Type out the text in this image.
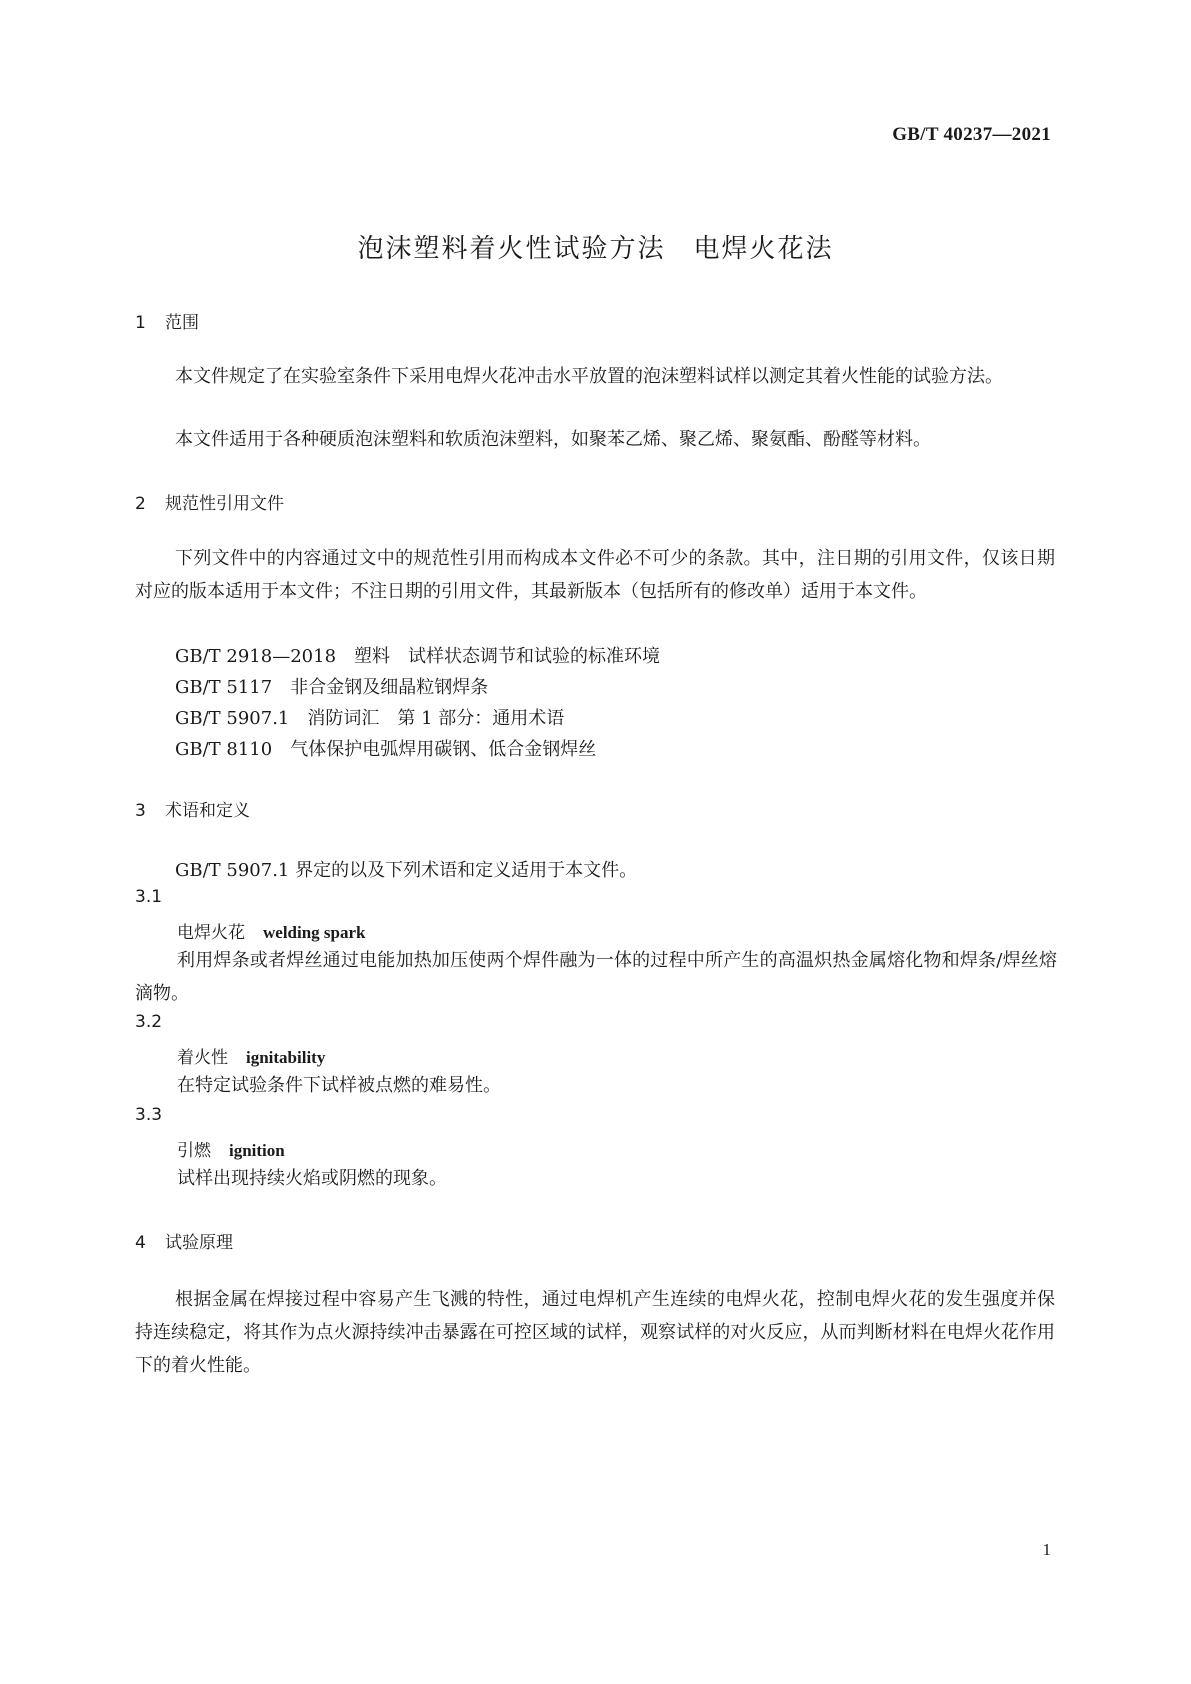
GB/T 40237—2021
泡沫塑料着火性试验方法　电焊火花法
1 范围
本文件规定了在实验室条件下采用电焊火花冲击水平放置的泡沫塑料试样以测定其着火性能的试验方法。
本文件适用于各种硬质泡沫塑料和软质泡沫塑料，如聚苯乙烯、聚乙烯、聚氨酯、酚醛等材料。
2 规范性引用文件
下列文件中的内容通过文中的规范性引用而构成本文件必不可少的条款。其中，注日期的引用文件，仅该日期对应的版本适用于本文件；不注日期的引用文件，其最新版本（包括所有的修改单）适用于本文件。
GB/T 2918—2018　塑料　试样状态调节和试验的标准环境
GB/T 5117　非合金钢及细晶粒钢焊条
GB/T 5907.1　消防词汇　第 1 部分：通用术语
GB/T 8110　气体保护电弧焊用碳钢、低合金钢焊丝
3 术语和定义
GB/T 5907.1 界定的以及下列术语和定义适用于本文件。
3.1
电焊火花 welding spark
利用焊条或者焊丝通过电能加热加压使两个焊件融为一体的过程中所产生的高温炽热金属熔化物和焊条/焊丝熔滴物。
3.2
着火性 ignitability
在特定试验条件下试样被点燃的难易性。
3.3
引燃 ignition
试样出现持续火焰或阴燃的现象。
4 试验原理
根据金属在焊接过程中容易产生飞溅的特性，通过电焊机产生连续的电焊火花，控制电焊火花的发生强度并保持连续稳定，将其作为点火源持续冲击暴露在可控区域的试样，观察试样的对火反应，从而判断材料在电焊火花作用下的着火性能。
1
